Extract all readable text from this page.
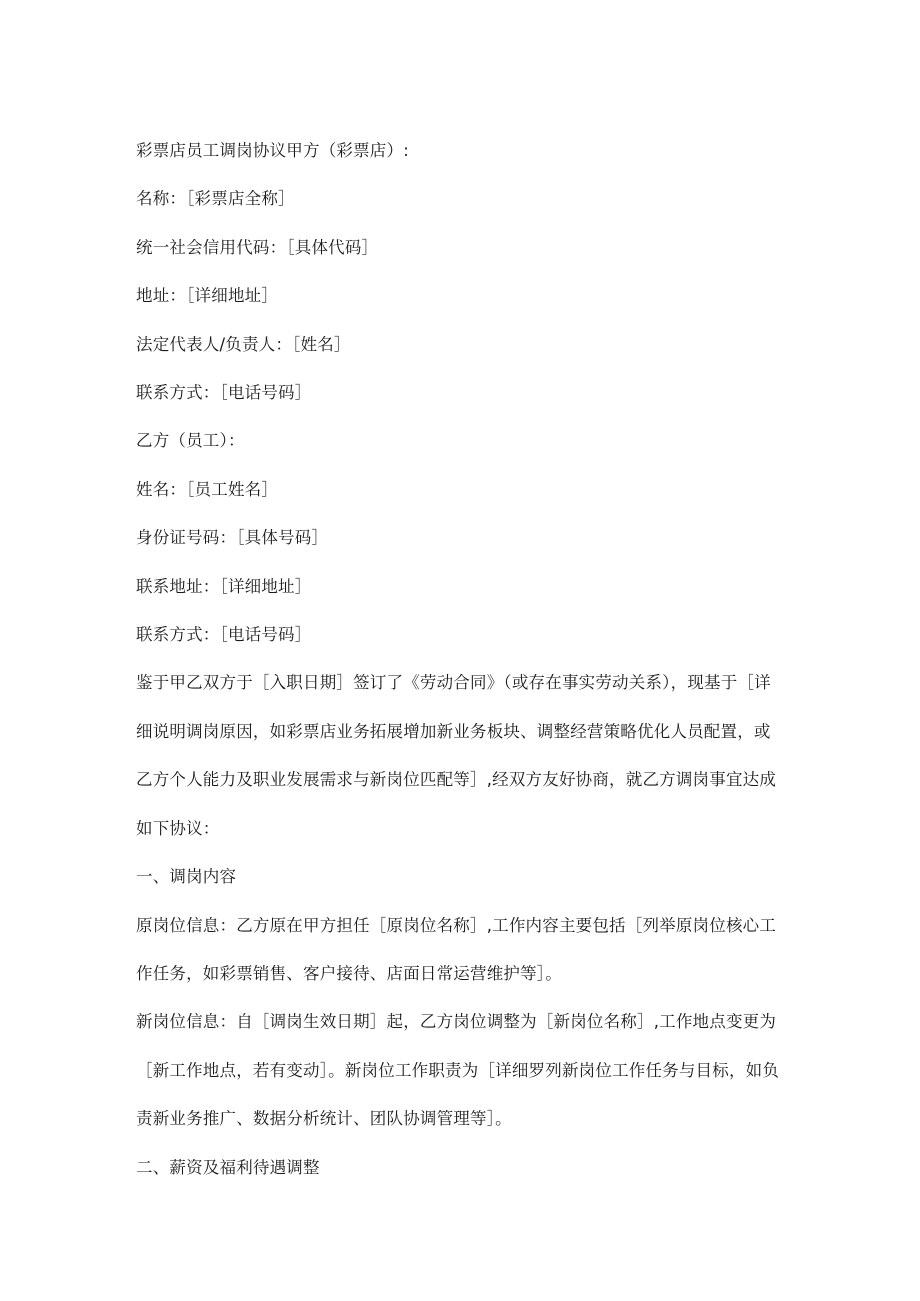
彩票店员工调岗协议甲方（彩票店）:

名称：［彩票店全称］

统一社会信用代码：［具体代码］

地址：［详细地址］

法定代表人/负责人：［姓名］

联系方式：［电话号码］

乙方（员工）：

姓名：［员工姓名］

身份证号码：［具体号码］

联系地址：［详细地址］

联系方式：［电话号码］

鉴于甲乙双方于［入职日期］签订了《劳动合同》（或存在事实劳动关系），现基于［详细说明调岗原因，如彩票店业务拓展增加新业务板块、调整经营策略优化人员配置，或乙方个人能力及职业发展需求与新岗位匹配等］,经双方友好协商，就乙方调岗事宜达成如下协议：

一、调岗内容

原岗位信息：乙方原在甲方担任［原岗位名称］,工作内容主要包括［列举原岗位核心工作任务，如彩票销售、客户接待、店面日常运营维护等］。

新岗位信息：自［调岗生效日期］起，乙方岗位调整为［新岗位名称］,工作地点变更为［新工作地点，若有变动］。新岗位工作职责为［详细罗列新岗位工作任务与目标，如负责新业务推广、数据分析统计、团队协调管理等］。

二、薪资及福利待遇调整
